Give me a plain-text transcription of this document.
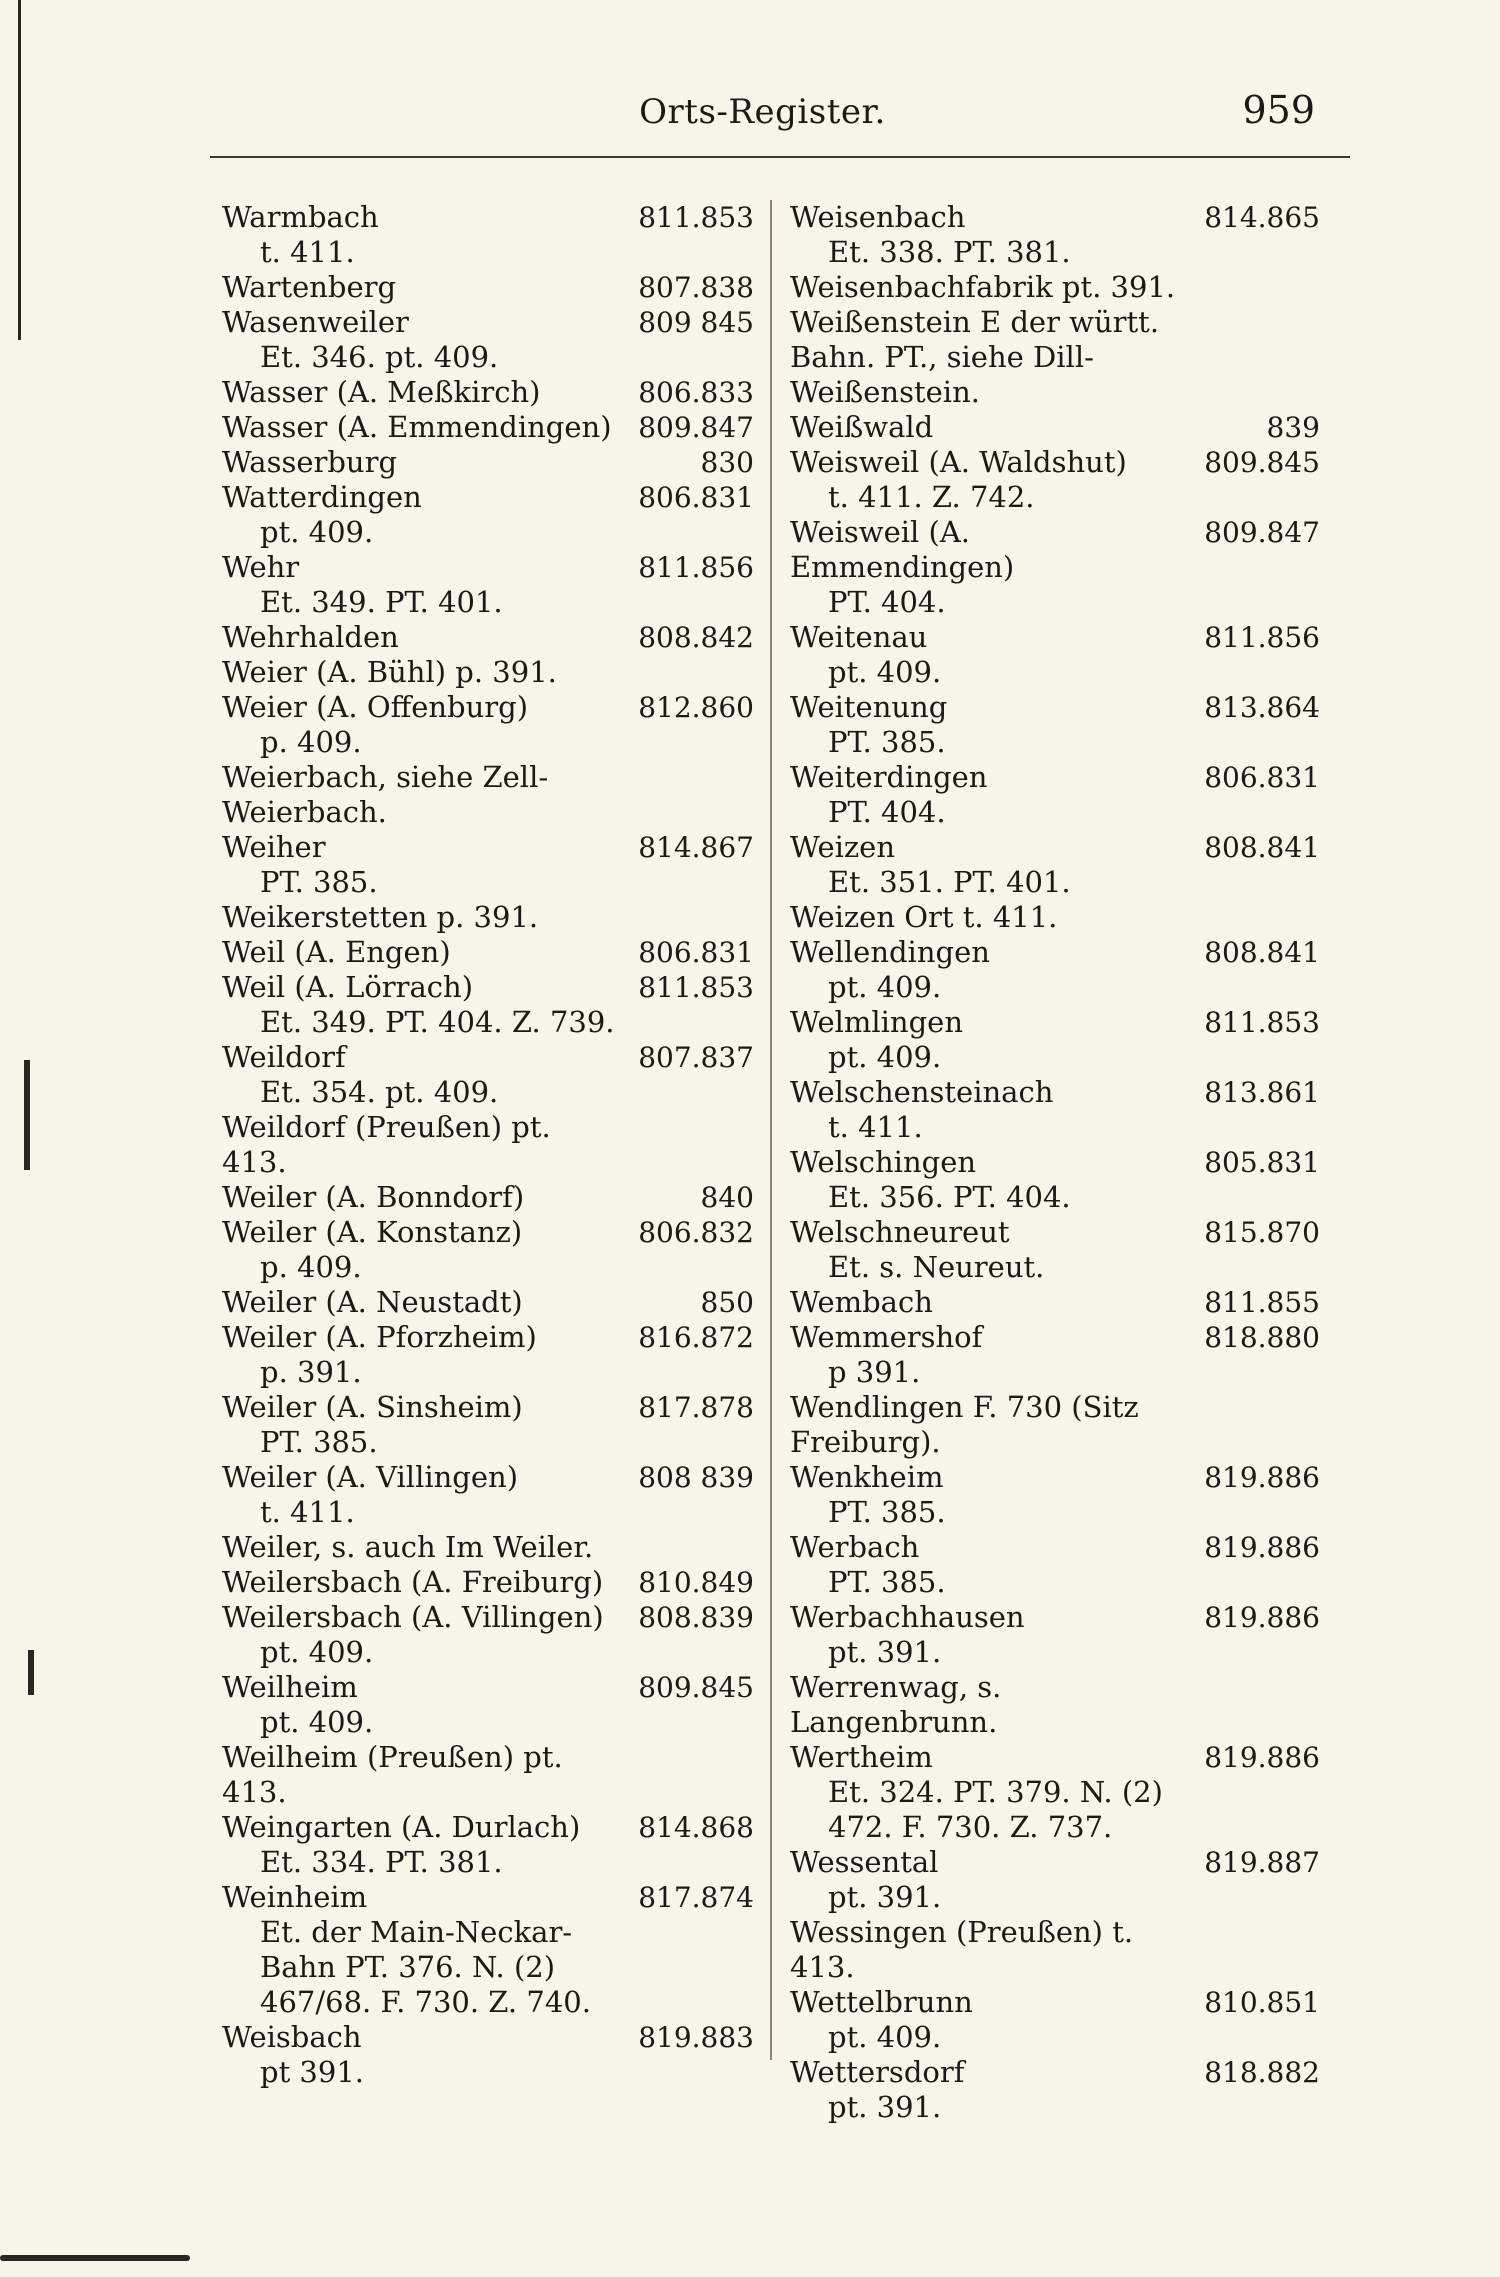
Orts-Register.	959
Warmbach	811.853
t. 411.
Wartenberg	807.838
Wasenweiler	809 845
Et. 346. pt. 409.
Wasser (A. Meßkirch)	806.833
Wasser (A. Emmendingen) 809.847
Wasserburg	830
Watterdingen	806.831
pt. 409.
Wehr	811.856
Et. 349. PT. 401.
Wehrhalden	808.842
Weier (A. Bühl) p. 391.
Weier (A. Offenburg)	812.860
p. 409.
Weierbach, siehe Zell-
Weierbach.
Weiher	814.867
PT. 385.
Weikerstetten p. 391.
Weil (A. Engen)	806.831
Weil (A. Lörrach)	811.853
Et. 349. PT. 404. Z. 739.
Weildorf	807.837
Et. 354. pt. 409.
Weildorf (Preußen) pt. 413.
Weiler (A. Bonndorf)	840
Weiler (A. Konstanz)	806.832
p. 409.
Weiler (A. Neustadt)	850
Weiler (A. Pforzheim)	816.872
p. 391.
Weiler (A. Sinsheim)	817.878
PT. 385.
Weiler (A. Villingen)	808 839
t. 411.
Weiler, s. auch Im Weiler.
Weilersbach (A. Freiburg)	810.849
Weilersbach (A. Villingen)	808.839
pt. 409.
Weilheim	809.845
pt. 409.
Weilheim (Preußen) pt. 413.
Weingarten (A. Durlach)	814.868
Et. 334. PT. 381.
Weinheim	817.874
Et. der Main-Neckar-
Bahn PT. 376. N. (2)
467/68. F. 730. Z. 740.
Weisbach	819.883
pt 391.
Weisenbach	814.865
Et. 338. PT. 381.
Weisenbachfabrik pt. 391.
Weißenstein E der württ.
Bahn. PT., siehe Dill-
Weißenstein.
Weißwald	839
Weisweil (A. Waldshut)	809.845
t. 411. Z. 742.
Weisweil (A. Emmendingen)
809.847
PT. 404.
Weitenau	811.856
pt. 409.
Weitenung	813.864
PT. 385.
Weiterdingen	806.831
PT. 404.
Weizen	808.841
Et. 351. PT. 401.
Weizen Ort t. 411.
Wellendingen	808.841
pt. 409.
Welmlingen	811.853
pt. 409.
Welschensteinach	813.861
t. 411.
Welschingen	805.831
Et. 356. PT. 404.
Welschneureut	815.870
Et. s. Neureut.
Wembach	811.855
Wemmershof	818.880
p 391.
Wendlingen F. 730 (Sitz
Freiburg).
Wenkheim	819.886
PT. 385.
Werbach	819.886
PT. 385.
Werbachhausen	819.886
pt. 391.
Werrenwag, s. Langenbrunn.
Wertheim	819.886
Et. 324. PT. 379. N. (2)
472. F. 730. Z. 737.
Wessental	819.887
pt. 391.
Wessingen (Preußen) t. 413.
Wettelbrunn	810.851
pt. 409.
Wettersdorf	818.882
pt. 391.
